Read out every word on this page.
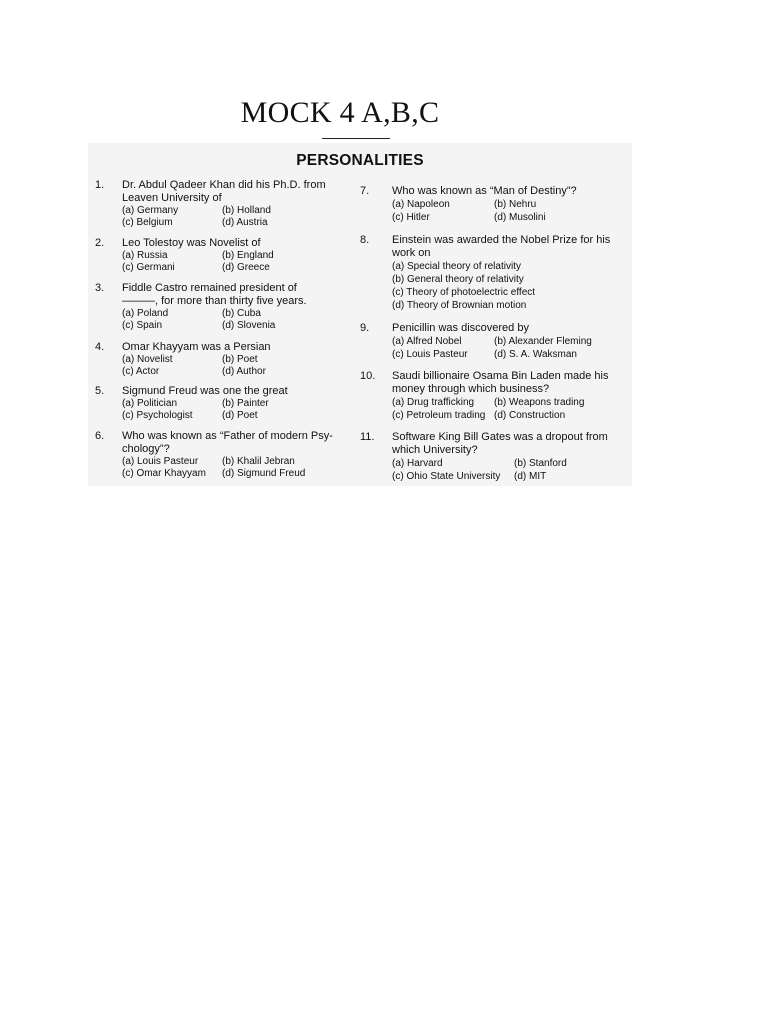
MOCK 4 A,B,C
PERSONALITIES
1. Dr. Abdul Qadeer Khan did his Ph.D. from
Leaven University of
(a) Germany	(b) Holland
(c) Belgium	(d) Austria
2. Leo Tolestoy was Novelist of
(a) Russia	(b) England
(c) Germani	(d) Greece
3. Fiddle Castro remained president of
———, for more than thirty five years.
(a) Poland	(b) Cuba
(c) Spain	(d) Slovenia
4. Omar Khayyam was a Persian
(a) Novelist	(b) Poet
(c) Actor	(d) Author
5. Sigmund Freud was one the great
(a) Politician	(b) Painter
(c) Psychologist	(d) Poet
6. Who was known as “Father of modern Psy-
chology”?
(a) Louis Pasteur (b) Khalil Jebran
(c) Omar Khayyam (d) Sigmund Freud
7. Who was known as “Man of Destiny”?
(a) Napoleon	(b) Nehru
(c) Hitler	(d) Musolini
8. Einstein was awarded the Nobel Prize for his
work on
(a) Special theory of relativity
(b) General theory of relativity
(c) Theory of photoelectric effect
(d) Theory of Brownian motion
9. Penicillin was discovered by
(a) Alfred Nobel	(b) Alexander Fleming
(c) Louis Pasteur	(d) S. A. Waksman
10. Saudi billionaire Osama Bin Laden made his
money through which business?
(a) Drug trafficking (b) Weapons trading
(c) Petroleum trading (d) Construction
11. Software King Bill Gates was a dropout from
which University?
(a) Harvard	(b) Stanford
(c) Ohio State University (d) MIT
